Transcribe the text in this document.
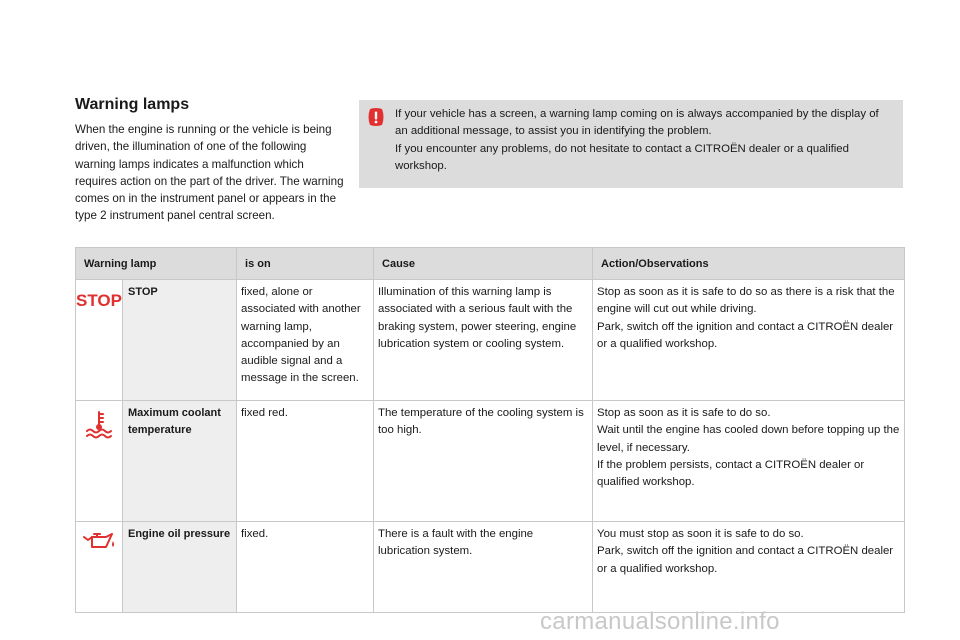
Warning lamps

When the engine is running or the vehicle is being driven, the illumination of one of the following warning lamps indicates a malfunction which requires action on the part of the driver. The warning comes on in the instrument panel or appears in the type 2 instrument panel central screen.

If your vehicle has a screen, a warning lamp coming on is always accompanied by the display of an additional message, to assist you in identifying the problem.

If you encounter any problems, do not hesitate to contact a CITROËN dealer or a qualified workshop.

Warning lamp		is on	Cause	Action/Observations

STOP	STOP	fixed, alone or associated with another warning lamp, accompanied by an audible signal and a message in the screen.	Illumination of this warning lamp is associated with a serious fault with the braking system, power steering, engine lubrication system or cooling system.	Stop as soon as it is safe to do so as there is a risk that the engine will cut out while driving.
Park, switch off the ignition and contact a CITROËN dealer or a qualified workshop.

	Maximum coolant temperature	fixed red.	The temperature of the cooling system is too high.	Stop as soon as it is safe to do so.
Wait until the engine has cooled down before topping up the level, if necessary.
If the problem persists, contact a CITROËN dealer or qualified workshop.

	Engine oil pressure	fixed.	There is a fault with the engine lubrication system.	You must stop as soon it is safe to do so.
Park, switch off the ignition and contact a CITROËN dealer or a qualified workshop.
carmanualsonline.info
